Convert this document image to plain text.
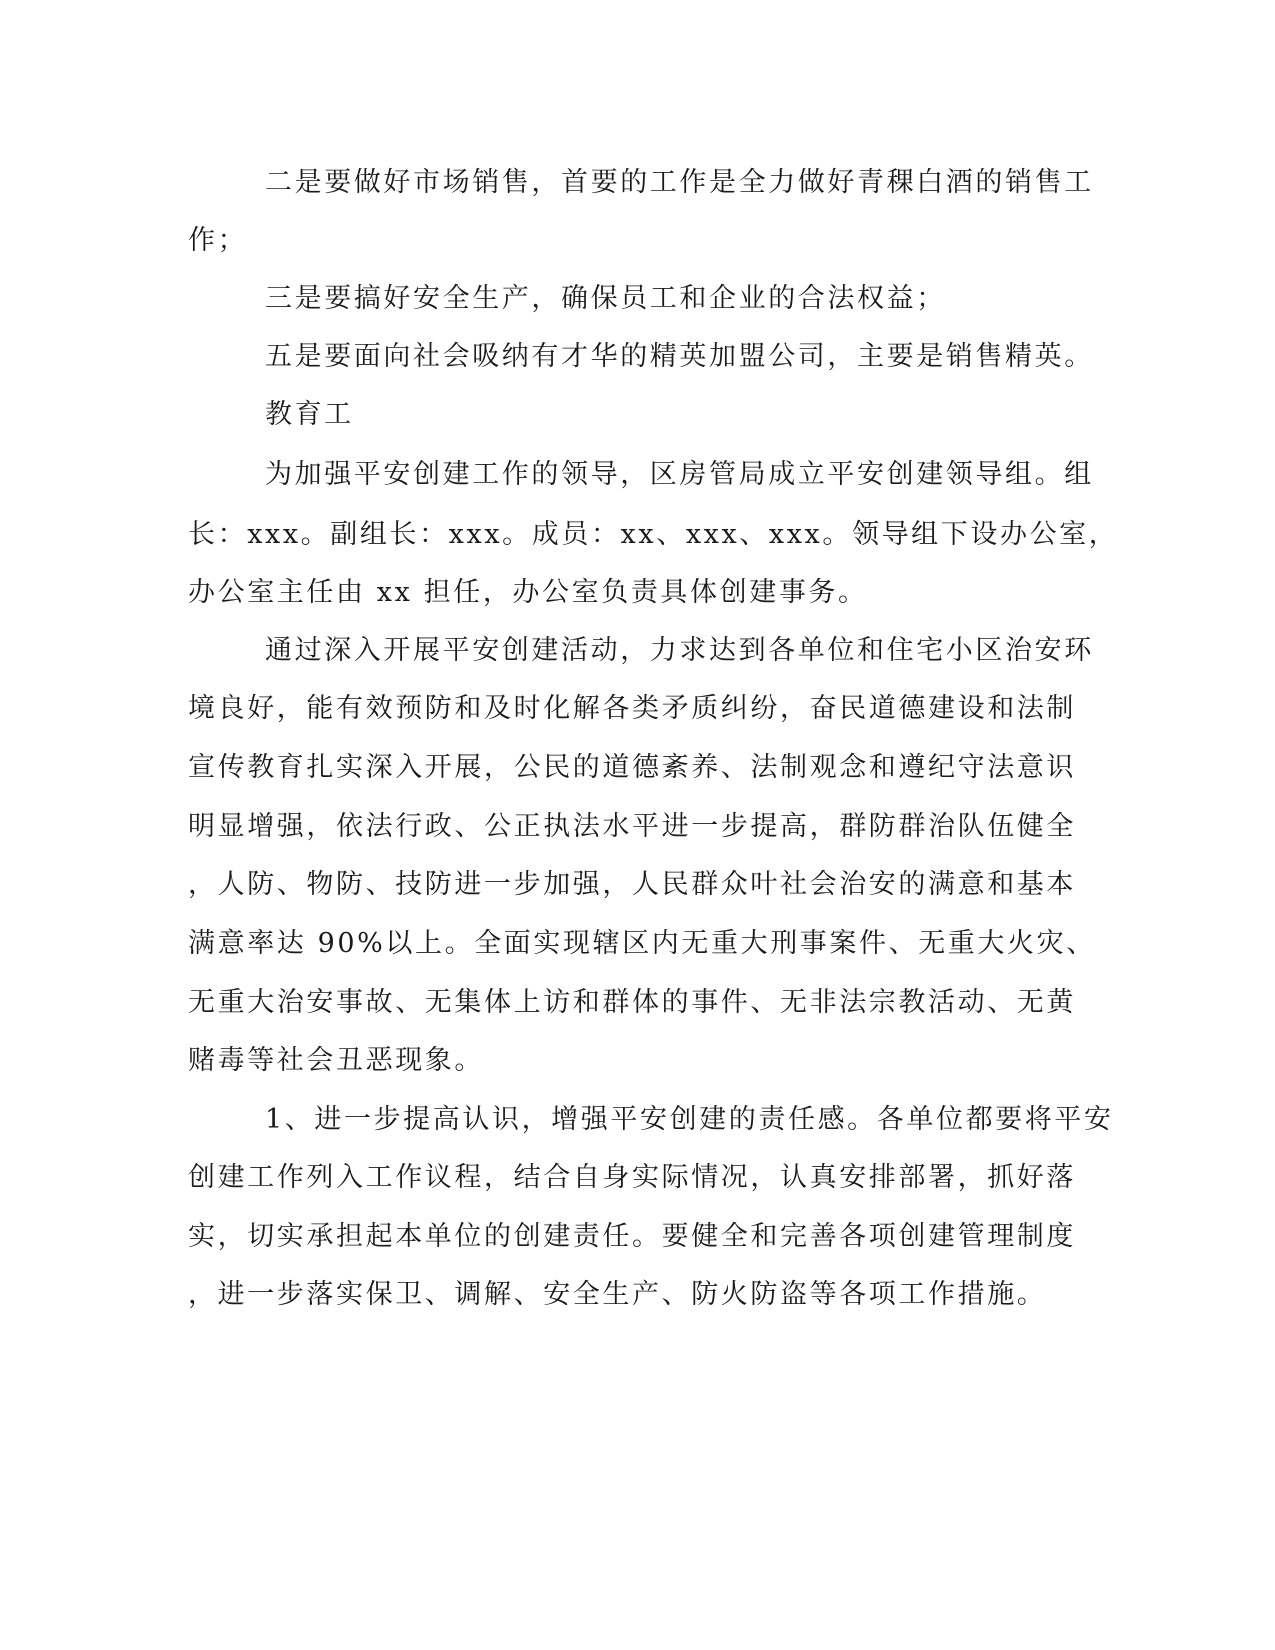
二是要做好市场销售，首要的工作是全力做好青稞白酒的销售工
作；
三是要搞好安全生产，确保员工和企业的合法权益；
五是要面向社会吸纳有才华的精英加盟公司，主要是销售精英。
教育工
为加强平安创建工作的领导，区房管局成立平安创建领导组。组
长：xxx。副组长：xxx。成员：xx、xxx、xxx。领导组下设办公室，
办公室主任由 xx 担任，办公室负责具体创建事务。
通过深入开展平安创建活动，力求达到各单位和住宅小区治安环
境良好，能有效预防和及时化解各类矛质纠纷，奋民道德建设和法制
宣传教育扎实深入开展，公民的道德紊养、法制观念和遵纪守法意识
明显增强，依法行政、公正执法水平进一步提高，群防群治队伍健全
，人防、物防、技防进一步加强，人民群众叶社会治安的满意和基本
满意率达 90%以上。全面实现辖区内无重大刑事案件、无重大火灾、
无重大治安事故、无集体上访和群体的事件、无非法宗教活动、无黄
赌毒等社会丑恶现象。
1、进一步提高认识，增强平安创建的责任感。各单位都要将平安
创建工作列入工作议程，结合自身实际情况，认真安排部署，抓好落
实，切实承担起本单位的创建责任。要健全和完善各项创建管理制度
，进一步落实保卫、调解、安全生产、防火防盗等各项工作措施。
